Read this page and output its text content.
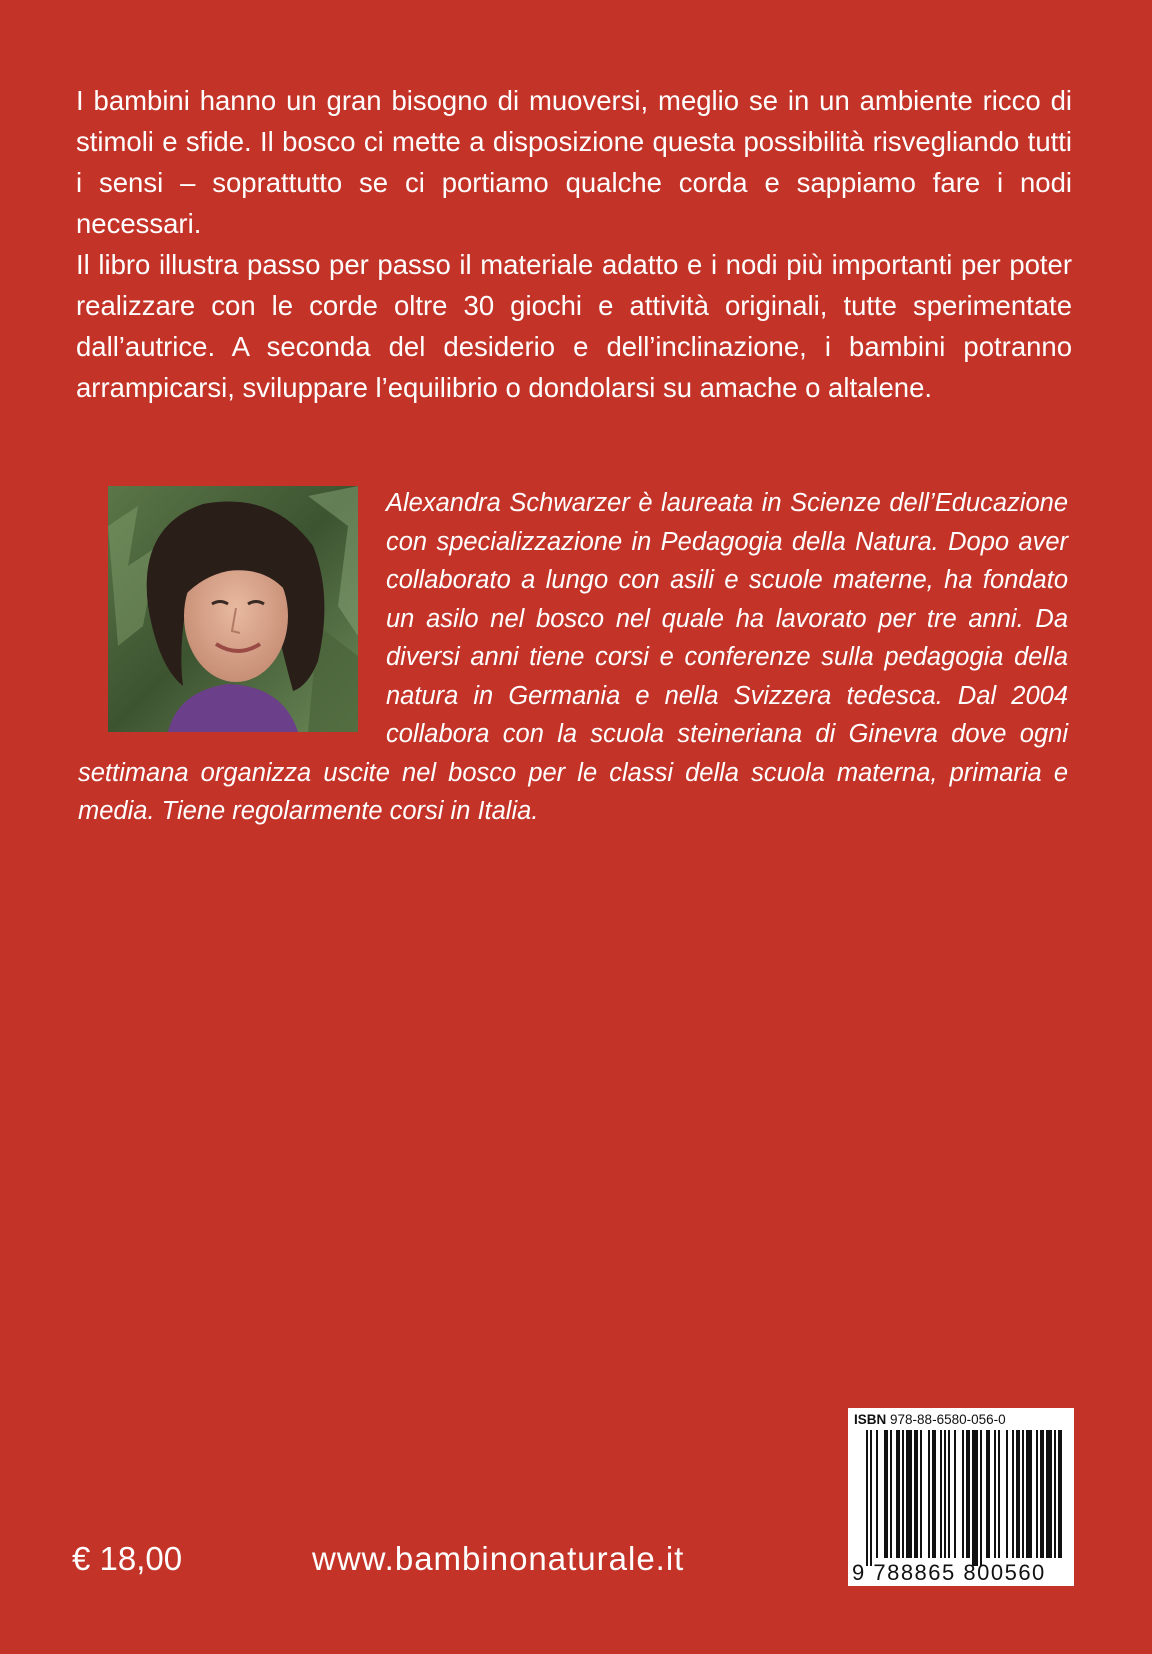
I bambini hanno un gran bisogno di muoversi, meglio se in un ambiente ricco di stimoli e sfide. Il bosco ci mette a disposizione questa possibilità risvegliando tutti i sensi – soprattutto se ci portiamo qualche corda e sappiamo fare i nodi necessari.

Il libro illustra passo per passo il materiale adatto e i nodi più importanti per poter realizzare con le corde oltre 30 giochi e attività originali, tutte sperimentate dall’autrice. A seconda del desiderio e dell’inclinazione, i bambini potranno arrampicarsi, sviluppare l’equilibrio o dondolarsi su amache o altalene.

Alexandra Schwarzer è laureata in Scienze dell’Educazione con specializzazione in Pedagogia della Natura. Dopo aver collaborato a lungo con asili e scuole materne, ha fondato un asilo nel bosco nel quale ha lavorato per tre anni. Da diversi anni tiene corsi e conferenze sulla pedagogia della natura in Germania e nella Svizzera tedesca. Dal 2004 collabora con la scuola steineriana di Ginevra dove ogni settimana organizza uscite nel bosco per le classi della scuola materna, primaria e media. Tiene regolarmente corsi in Italia.
€ 18,00	www.bambinonaturale.it
ISBN 978-88-6580-056-0
9 788865 800560
